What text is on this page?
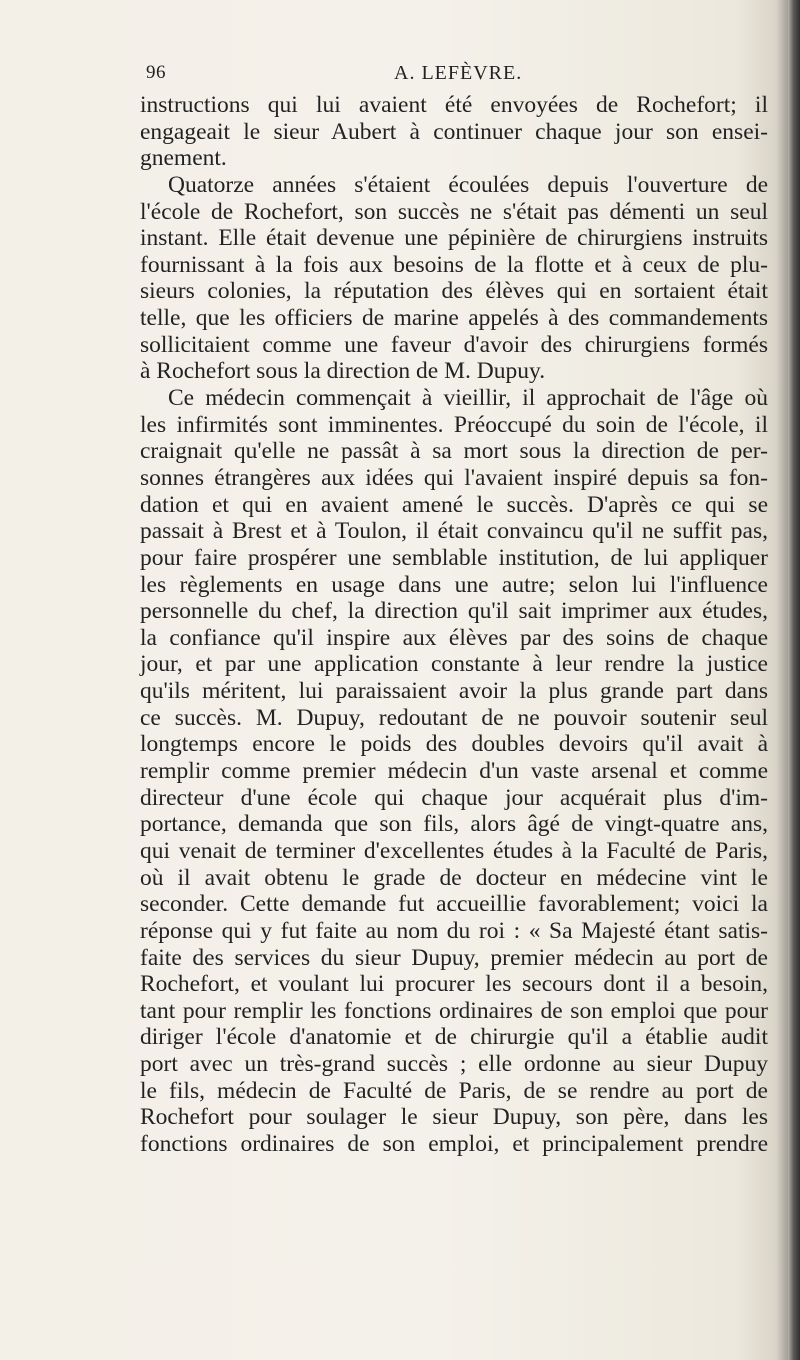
96	A. LEFÈVRE.
instructions qui lui avaient été envoyées de Rochefort; il
engageait le sieur Aubert à continuer chaque jour son ensei-
gnement.
Quatorze années s'étaient écoulées depuis l'ouverture de
l'école de Rochefort, son succès ne s'était pas démenti un seul
instant. Elle était devenue une pépinière de chirurgiens instruits
fournissant à la fois aux besoins de la flotte et à ceux de plu-
sieurs colonies, la réputation des élèves qui en sortaient était
telle, que les officiers de marine appelés à des commandements
sollicitaient comme une faveur d'avoir des chirurgiens formés
à Rochefort sous la direction de M. Dupuy.
Ce médecin commençait à vieillir, il approchait de l'âge où
les infirmités sont imminentes. Préoccupé du soin de l'école, il
craignait qu'elle ne passât à sa mort sous la direction de per-
sonnes étrangères aux idées qui l'avaient inspiré depuis sa fon-
dation et qui en avaient amené le succès. D'après ce qui se
passait à Brest et à Toulon, il était convaincu qu'il ne suffit pas,
pour faire prospérer une semblable institution, de lui appliquer
les règlements en usage dans une autre; selon lui l'influence
personnelle du chef, la direction qu'il sait imprimer aux études,
la confiance qu'il inspire aux élèves par des soins de chaque
jour, et par une application constante à leur rendre la justice
qu'ils méritent, lui paraissaient avoir la plus grande part dans
ce succès. M. Dupuy, redoutant de ne pouvoir soutenir seul
longtemps encore le poids des doubles devoirs qu'il avait à
remplir comme premier médecin d'un vaste arsenal et comme
directeur d'une école qui chaque jour acquérait plus d'im-
portance, demanda que son fils, alors âgé de vingt-quatre ans,
qui venait de terminer d'excellentes études à la Faculté de Paris,
où il avait obtenu le grade de docteur en médecine vint le
seconder. Cette demande fut accueillie favorablement; voici la
réponse qui y fut faite au nom du roi : « Sa Majesté étant satis-
faite des services du sieur Dupuy, premier médecin au port de
Rochefort, et voulant lui procurer les secours dont il a besoin,
tant pour remplir les fonctions ordinaires de son emploi que pour
diriger l'école d'anatomie et de chirurgie qu'il a établie audit
port avec un très-grand succès ; elle ordonne au sieur Dupuy
le fils, médecin de Faculté de Paris, de se rendre au port de
Rochefort pour soulager le sieur Dupuy, son père, dans les
fonctions ordinaires de son emploi, et principalement prendre
